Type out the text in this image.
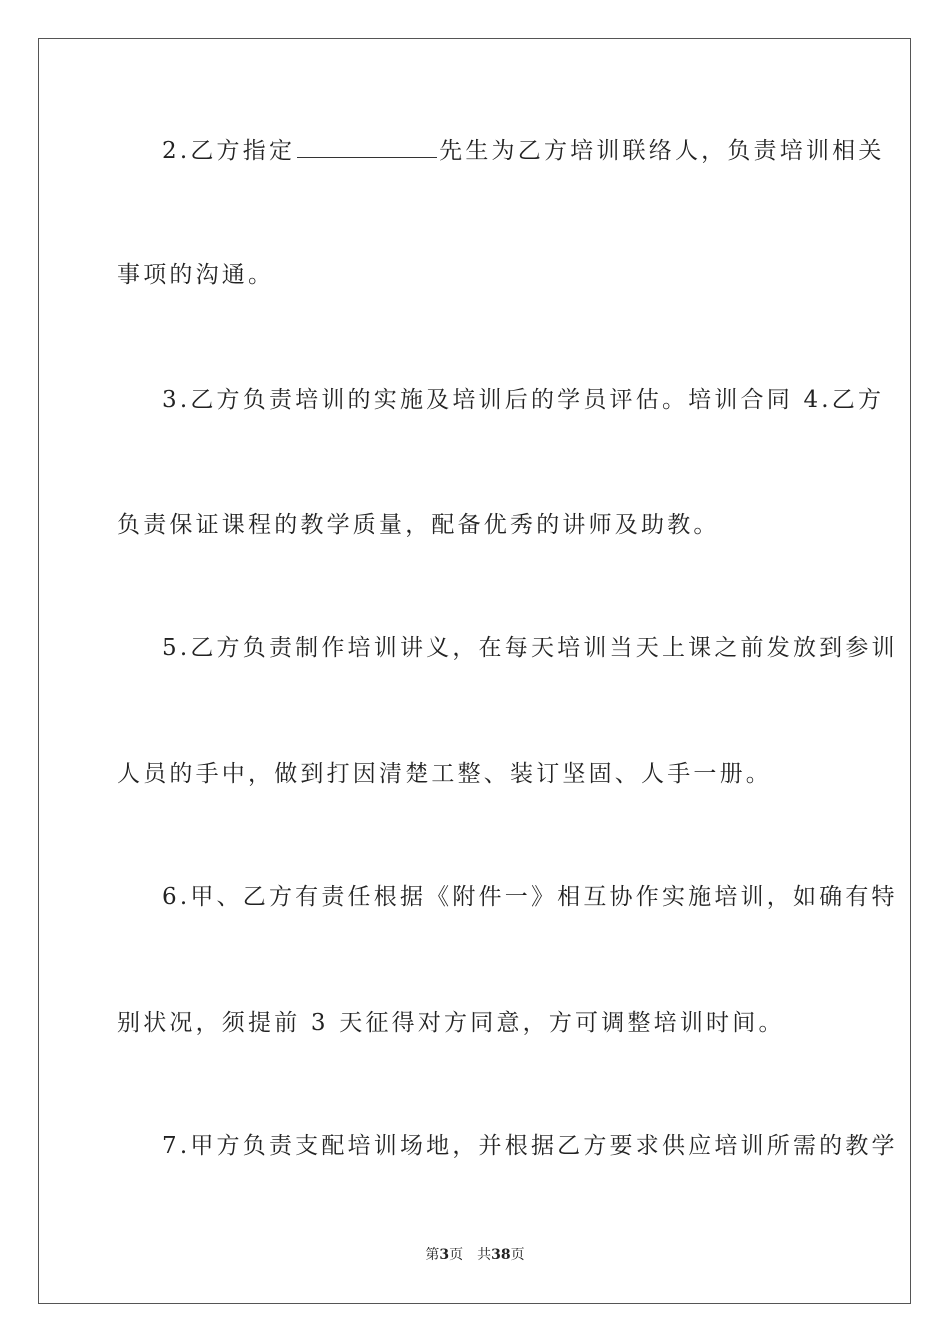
2.乙方指定	先生为乙方培训联络人，负责培训相关
事项的沟通。
3.乙方负责培训的实施及培训后的学员评估。培训合同 4.乙方
负责保证课程的教学质量，配备优秀的讲师及助教。
5.乙方负责制作培训讲义，在每天培训当天上课之前发放到参训
人员的手中，做到打因清楚工整、装订坚固、人手一册。
6.甲、乙方有责任根据《附件一》相互协作实施培训，如确有特
别状况，须提前 3 天征得对方同意，方可调整培训时间。
7.甲方负责支配培训场地，并根据乙方要求供应培训所需的教学
第3页 共38页
